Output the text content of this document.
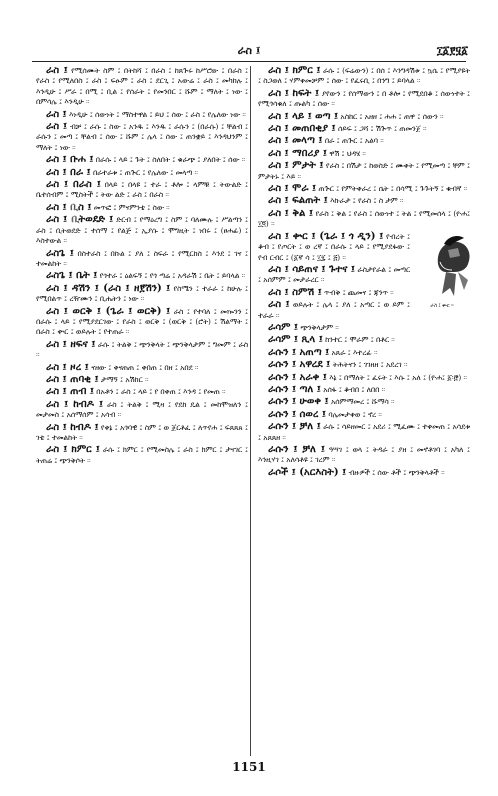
ራስ ፤	፲፩፻፶፩

ራስ ፤ የሚሰሙት ስም ፤ በትከሻ ፤ በራስ ፤ ከጸጕሩ ከሥሮው ፤ በራስ ፤ የራስ ፤ የሚለበስ ፤ ራስ ፤ ፍፁም ፤ ራስ ፤ ደርጊ ፤ አውሬ ፤ ራስ ፤ መካከሉ ፤ እንዲሁ ፤ ሥራ ፤ በሚ ፤ ቢል ፤ የሰራት ፤ የመንበር ፤ ሹም ፤ ማለት ፤ ነው ፤ በምሳሌ ፤ እንዲሁ ።

ራስ ፤ እነዲሁ ፤ ሰውነት ፤ ማስተዋል ፤ ይህ ፤ ሰው ፤ ራስ ፤ የሌለው ነው ።

ራስ ፤ ብቻ ፤ ራሱ ፤ ስው ፤ አንዱ ፤ እንዱ ፤ ራሱን ፤ (በራሱ) ፤ ቸልብ ፤ ራሱን ፤ መጣ ፤ ቸልብ ፤ ሰው ፤ ሹም ፤ ሌላ ፤ ሰው ፤ ጠንቋይ ፤ እንዳህንም ፤ ማለት ፤ ነው ።

ራስ ፤ ቡሐ ፤ በራሱ ፤ ላይ ፤ ጉት ፤ ስለበት ፤ ቁራጭ ፤ ያለበት ፤ ሰው ።

ራስ ፤ በራ ፤ በራተራቱ ፤ ጠጕር ፤ የሌለው ፤ መላጣ ።

ራስ ፤ በራስ ፤ በላይ ፤ በላዩ ፤ ተራ ፤ ቶሎ ፤ ላምቹ ፤ ትውልድ ፤ ቤተሰብም ፤ ሚስትች ፤ ትው ልድ ፤ ራስ ፤ በራስ ።

ራስ ፤ ቢስ ፤ መጥፎ ፤ ምናምንቴ ፤ ስው ።

ራስ ፤ ቢትወደድ ፤ ድርብ ፤ የማዕረግ ፤ ስም ፤ ባለሙሉ ፤ ሥልጣን ፤ ራስ ፤ ቢትወደድ ፤ ተሰማ ፤ የልጅ ፤ ኢያሱ ፤ ሞግዚት ፤ ነበሩ ፤ (ፀሐፊ) ፤ እስተውል ።

ራስጌ ፤ በስተራስ ፤ በኩል ፤ ያለ ፤ ስፍራ ፤ የሚርከስ ፤ እንደ ፤ ገና ፤ ተመልከት ።

ራስጌ ፤ ቤት ፤ የጎተራ ፤ ዕልፍኝ ፤ የጎ ጣሬ ፤ አዳራሽ ፤ ቤት ፤ ይባላል ።

ራስ ፤ ዳሽን ፤ (ራስ ፤ ዘ፻ሽን) ፤ የስሜን ፤ ተራራ ፤ ከሁሉ ፤ የሚበልጥ ፤ ረዥሙን ፤ ቢሔትን ፤ ነው ።

ራስ ፤ ወርቅ ፤ (ጌራ ፤ ወርቅ) ፤ ራስ ፤ የተባለ ፤ መኰንን ፤ በራሱ ፤ ላይ ፤ የሚያደርገው ፤ የራስ ፤ ወርቅ ፤ (ወርቅ ፤ (ሮት) ፤ ሽልማት ፤ በራስ ፤ ቍር ፤ ወይሉት ፤ የተጠራ ።

ራስ ፤ ዘፍና ፤ ራሱ ፤ ትልቅ ፤ ጭንቅላት ፤ ጭንቅላታም ፤ ግመም ፤ ራስ ።

ራስ ፤ ዞረ ፤ ናዘው ፤ ቀናጠጠ ፤ ቀበጠ ፤ በዘ ፤ አበደ ።

ራስ ፤ ጠባቂ ፤ ታማኝ ፤ አሽከር ።

ራስ ፤ ጠብ ፤ በአቶን ፤ ራስ ፤ ላይ ፤ የ በቀጠ ፤ እንዳ ፤ የመጠ ።

ራስ ፤ ከብዶ ፤ ራስ ፤ ትልቅ ፤ ሚዛ ፤ የደከ ዴል ፤ መከሞዝለን ፤ መታመስ ፤ አሰማሰም ፤ አሳብ ።

ራስ ፤ ከብዶ ፤ የቀኔ ፤ አጎባዊ ፤ ስም ፤ ወ ጀርቶፈ ፤ ለጥየሐ ፤ ፍጸጸጰ ፤ ገቴ ፤ ተመልከት ።

ራስ ፤ ክምር ፤ ራሱ ፤ ክምር ፤ የሚመስሌ ፤ ራስ ፤ ክምር ፤ ታናገር ፤ ትጠሬ ፤ ጭንቅሶት ።

ራስ ፤ ክምር ፤ ራሱ ፤ (ፍሬውን) ፤ በሰ ፤ እንግዳሽቱ ፤ ኳሴ ፤ የሚያዩት ፤ ስጋወለ ፤ ሃምቀመቻም ፤ ሰው ፤ የፈሩቢ ፤ በንግ ፤ ይባላል ።

ራስ ፤ ከፍት ፤ ያየውን ፤ የሰማውን ፤ በ ቶሎ ፤ የሚደበቆ ፤ ሰውነተት ፤ የሚጎሳቁለ ፤ ጡልካ ፤ ሰው ።

ራስ ፤ ላይ ፤ ወጣ ፤ አስከር ፤ አዘዘ ፤ ሐሐ ፤ ጠዋ ፤ ሰውን ።

ራስ ፤ መጠበቂያ ፤ ሰይፍ ፤ ጋሻ ፤ ሽጕጥ ፤ ጠመንጀ ።

ራስ ፤ መላጣ ፤ በራ ፤ ጠጕር ፤ አልባ ።

ራስ ፤ ማበሪያ ፤ ዋሽ ፤ ህዳሄ ።

ራስ ፤ ምታት ፤ የራስ ፤ በሽታ ፤ ከወስድ ፤ ሙቀት ፤ የሚመጣ ፤ ቸም ፤ ምታትኑ ፤ እይ ።

ራስ ፤ ሞራ ፤ ጠጕር ፤ የምትቀራረ ፤ ሴት ፤ በሳሚ ፤ ጉጉትኝ ፤ ቁብኛ ።

ራስ ፤ ፍልጠት ፤ እኩራታ ፤ የራስ ፤ ስ ታም ።

ራስ ፤ ቅል ፤ የራስ ፤ ቅል ፤ የራስ ፤ ሰውነተ ፤ ትል ፤ የሚመሰላ ፤ (ዮሐ፤ ፲፬) ።

ራስ ፤ ቍር ።
ራስ ፤ ቍር ፤ (ጌራ ፤ ጎ ዲን) ፤ የብረት ፤ ቆብ ፤ የጦርት ፤ ወ ረኛ ፤ በራሱ ፤ ላይ ፤ የሚያደፋው ፤ የብ ርብር ፤ (፩ኛ ሳ ፤ ፲፯ ፤ ፭) ።

ራስ ፤ ሳይጠና ፤ ጉተና ፤ ራስታየራል ፤ መጣር ፤ አሰምም ፤ መታራረር ።

ራስ ፤ ስምሽ ፤ ጥብቅ ፤ ጨመና ፤ ጃንጥ ።

ራስ ፤ ወይሉት ፤ ሌላ ፤ ያለ ፤ አጣር ፤ ወ ይም ፤ ተራራ ።

ራሳም ፤ ጭንቅላታም ።

ራሳም ፤ ጺላ ፤ ከንተር ፤ ሞራም ፤ በቶር ።

ራሱን ፤ አጠጣ ፤ አጸራ ፤ እተረፊ ።

ራሱን ፤ አዋረደ ፤ ትሕትናን ፤ ገገዘዘ ፤ አደረገ ።

ራሱን ፤ አራቀ ፤ እኔ ፤ በማለት ፤ ፈሩት ፤ እሱ ፤ አለ ፤ (ዮሐ፤ ፩፡፸) ።

ራሱን ፤ ጣለ ፤ አሰፋ ፤ ቆብበ ፤ ለበበ ።

ራሱን ፤ ሁወቀ ፤ አሰምማመረ ፤ ሹማሳ ።

ራሱን ፤ ሰወረ ፤ ባሌመታቀወ ፤ ኖረ ።

ራሱን ፤ ቻለ ፤ ራሱ ፤ ሳይዘመር ፤ አደሪ ፤ ሚፈሙ ፤ ተቀመጠ ፤ አሳደቱ ፤ አጸጸዘ ።

ራሱን ፤ ቻለ ፤ ዓሣገ ፤ ወላ ፤ ትዳራ ፤ ያዘ ፤ መኖቶገባ ፤ አካለ ፤ እንዚሃገ ፤ አለሳቶዩ ፤ ገረም ።

ራሶች ፤ (አርእስት) ፤ ብዙዎች ፤ ሰው ቶች ፤ ጭንቅላቶች ።

1151
